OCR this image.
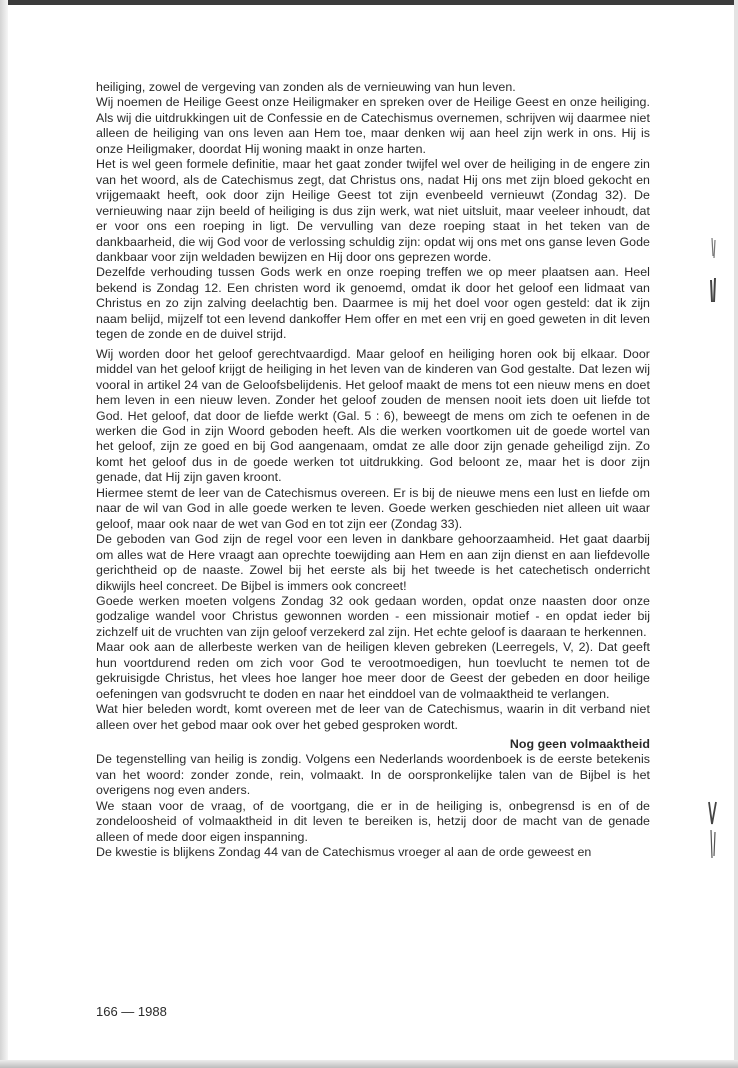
heiliging, zowel de vergeving van zonden als de vernieuwing van hun leven.

Wij noemen de Heilige Geest onze Heiligmaker en spreken over de Heilige Geest en onze heiliging. Als wij die uitdrukkingen uit de Confessie en de Catechismus overnemen, schrijven wij daarmee niet alleen de heiliging van ons leven aan Hem toe, maar denken wij aan heel zijn werk in ons. Hij is onze Heiligmaker, doordat Hij woning maakt in onze harten.

Het is wel geen formele definitie, maar het gaat zonder twijfel wel over de heiliging in de engere zin van het woord, als de Catechismus zegt, dat Christus ons, nadat Hij ons met zijn bloed gekocht en vrijgemaakt heeft, ook door zijn Heilige Geest tot zijn evenbeeld vernieuwt (Zondag 32). De vernieuwing naar zijn beeld of heiliging is dus zijn werk, wat niet uitsluit, maar veeleer inhoudt, dat er voor ons een roeping in ligt. De vervulling van deze roeping staat in het teken van de dankbaarheid, die wij God voor de verlossing schuldig zijn: opdat wij ons met ons ganse leven Gode dankbaar voor zijn weldaden bewijzen en Hij door ons geprezen worde.

Dezelfde verhouding tussen Gods werk en onze roeping treffen we op meer plaatsen aan. Heel bekend is Zondag 12. Een christen word ik genoemd, omdat ik door het geloof een lidmaat van Christus en zo zijn zalving deelachtig ben. Daarmee is mij het doel voor ogen gesteld: dat ik zijn naam belijd, mijzelf tot een levend dankoffer Hem offer en met een vrij en goed geweten in dit leven tegen de zonde en de duivel strijd.

Wij worden door het geloof gerechtvaardigd. Maar geloof en heiliging horen ook bij elkaar. Door middel van het geloof krijgt de heiliging in het leven van de kinderen van God gestalte. Dat lezen wij vooral in artikel 24 van de Geloofsbelijdenis. Het geloof maakt de mens tot een nieuw mens en doet hem leven in een nieuw leven. Zonder het geloof zouden de mensen nooit iets doen uit liefde tot God. Het geloof, dat door de liefde werkt (Gal. 5 : 6), beweegt de mens om zich te oefenen in de werken die God in zijn Woord geboden heeft. Als die werken voortkomen uit de goede wortel van het geloof, zijn ze goed en bij God aangenaam, omdat ze alle door zijn genade geheiligd zijn. Zo komt het geloof dus in de goede werken tot uitdrukking. God beloont ze, maar het is door zijn genade, dat Hij zijn gaven kroont.

Hiermee stemt de leer van de Catechismus overeen. Er is bij de nieuwe mens een lust en liefde om naar de wil van God in alle goede werken te leven. Goede werken geschieden niet alleen uit waar geloof, maar ook naar de wet van God en tot zijn eer (Zondag 33).

De geboden van God zijn de regel voor een leven in dankbare gehoorzaamheid. Het gaat daarbij om alles wat de Here vraagt aan oprechte toewijding aan Hem en aan zijn dienst en aan liefdevolle gerichtheid op de naaste. Zowel bij het eerste als bij het tweede is het catechetisch onderricht dikwijls heel concreet. De Bijbel is immers ook concreet!

Goede werken moeten volgens Zondag 32 ook gedaan worden, opdat onze naasten door onze godzalige wandel voor Christus gewonnen worden - een missionair motief - en opdat ieder bij zichzelf uit de vruchten van zijn geloof verzekerd zal zijn. Het echte geloof is daaraan te herkennen.

Maar ook aan de allerbeste werken van de heiligen kleven gebreken (Leerregels, V, 2). Dat geeft hun voortdurend reden om zich voor God te verootmoedigen, hun toevlucht te nemen tot de gekruisigde Christus, het vlees hoe langer hoe meer door de Geest der gebeden en door heilige oefeningen van godsvrucht te doden en naar het einddoel van de volmaaktheid te verlangen.

Wat hier beleden wordt, komt overeen met de leer van de Catechismus, waarin in dit verband niet alleen over het gebod maar ook over het gebed gesproken wordt.

Nog geen volmaaktheid

De tegenstelling van heilig is zondig. Volgens een Nederlands woordenboek is de eerste betekenis van het woord: zonder zonde, rein, volmaakt. In de oorspronkelijke talen van de Bijbel is het overigens nog even anders.

We staan voor de vraag, of de voortgang, die er in de heiliging is, onbegrensd is en of de zondeloosheid of volmaaktheid in dit leven te bereiken is, hetzij door de macht van de genade alleen of mede door eigen inspanning.

De kwestie is blijkens Zondag 44 van de Catechismus vroeger al aan de orde geweest en

166 — 1988
